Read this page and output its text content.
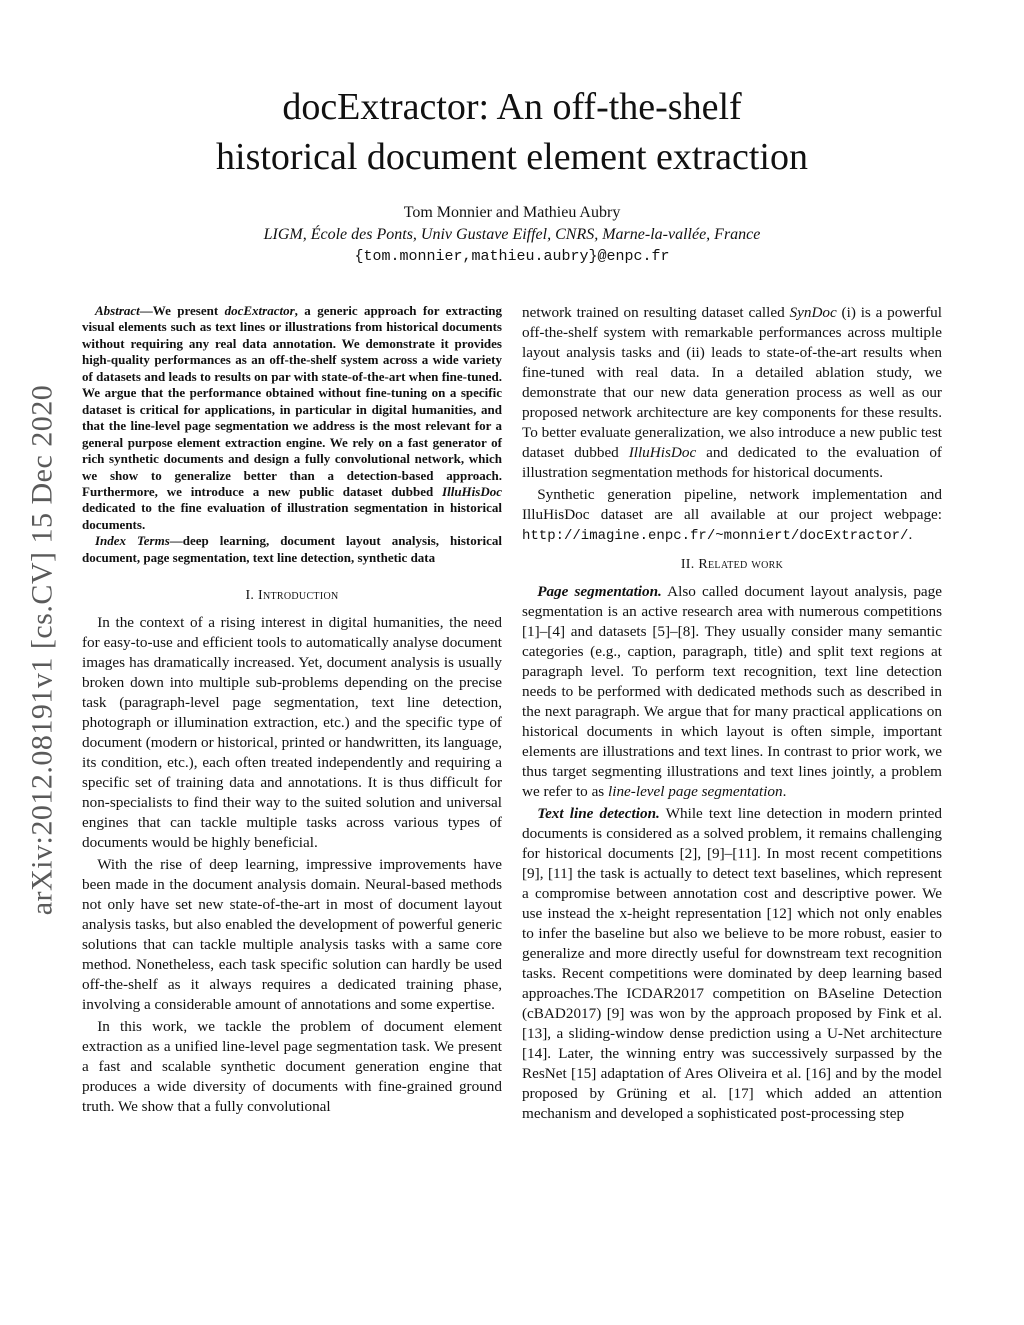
arXiv:2012.08191v1 [cs.CV] 15 Dec 2020
docExtractor: An off-the-shelf
historical document element extraction
Tom Monnier and Mathieu Aubry
LIGM, École des Ponts, Univ Gustave Eiffel, CNRS, Marne-la-vallée, France
{tom.monnier,mathieu.aubry}@enpc.fr

Abstract—We present docExtractor, a generic approach for extracting visual elements such as text lines or illustrations from historical documents without requiring any real data annotation. We demonstrate it provides high-quality performances as an off-the-shelf system across a wide variety of datasets and leads to results on par with state-of-the-art when fine-tuned. We argue that the performance obtained without fine-tuning on a specific dataset is critical for applications, in particular in digital humanities, and that the line-level page segmentation we address is the most relevant for a general purpose element extraction engine. We rely on a fast generator of rich synthetic documents and design a fully convolutional network, which we show to generalize better than a detection-based approach. Furthermore, we introduce a new public dataset dubbed IlluHisDoc dedicated to the fine evaluation of illustration segmentation in historical documents.

Index Terms—deep learning, document layout analysis, historical document, page segmentation, text line detection, synthetic data

I. Introduction

In the context of a rising interest in digital humanities, the need for easy-to-use and efficient tools to automatically analyse document images has dramatically increased. Yet, document analysis is usually broken down into multiple sub-problems depending on the precise task (paragraph-level page segmentation, text line detection, photograph or illumination extraction, etc.) and the specific type of document (modern or historical, printed or handwritten, its language, its condition, etc.), each often treated independently and requiring a specific set of training data and annotations. It is thus difficult for non-specialists to find their way to the suited solution and universal engines that can tackle multiple tasks across various types of documents would be highly beneficial.

With the rise of deep learning, impressive improvements have been made in the document analysis domain. Neural-based methods not only have set new state-of-the-art in most of document layout analysis tasks, but also enabled the development of powerful generic solutions that can tackle multiple analysis tasks with a same core method. Nonetheless, each task specific solution can hardly be used off-the-shelf as it always requires a dedicated training phase, involving a considerable amount of annotations and some expertise.

In this work, we tackle the problem of document element extraction as a unified line-level page segmentation task. We present a fast and scalable synthetic document generation engine that produces a wide diversity of documents with fine-grained ground truth. We show that a fully convolutional

network trained on resulting dataset called SynDoc (i) is a powerful off-the-shelf system with remarkable performances across multiple layout analysis tasks and (ii) leads to state-of-the-art results when fine-tuned with real data. In a detailed ablation study, we demonstrate that our new data generation process as well as our proposed network architecture are key components for these results. To better evaluate generalization, we also introduce a new public test dataset dubbed IlluHisDoc and dedicated to the evaluation of illustration segmentation methods for historical documents.

Synthetic generation pipeline, network implementation and IlluHisDoc dataset are all available at our project webpage: http://imagine.enpc.fr/~monniert/docExtractor/.

II. Related work

Page segmentation. Also called document layout analysis, page segmentation is an active research area with numerous competitions [1]–[4] and datasets [5]–[8]. They usually consider many semantic categories (e.g., caption, paragraph, title) and split text regions at paragraph level. To perform text recognition, text line detection needs to be performed with dedicated methods such as described in the next paragraph. We argue that for many practical applications on historical documents in which layout is often simple, important elements are illustrations and text lines. In contrast to prior work, we thus target segmenting illustrations and text lines jointly, a problem we refer to as line-level page segmentation.

Text line detection. While text line detection in modern printed documents is considered as a solved problem, it remains challenging for historical documents [2], [9]–[11]. In most recent competitions [9], [11] the task is actually to detect text baselines, which represent a compromise between annotation cost and descriptive power. We use instead the x-height representation [12] which not only enables to infer the baseline but also we believe to be more robust, easier to generalize and more directly useful for downstream text recognition tasks. Recent competitions were dominated by deep learning based approaches.The ICDAR2017 competition on BAseline Detection (cBAD2017) [9] was won by the approach proposed by Fink et al. [13], a sliding-window dense prediction using a U-Net architecture [14]. Later, the winning entry was successively surpassed by the ResNet [15] adaptation of Ares Oliveira et al. [16] and by the model proposed by Grüning et al. [17] which added an attention mechanism and developed a sophisticated post-processing step
